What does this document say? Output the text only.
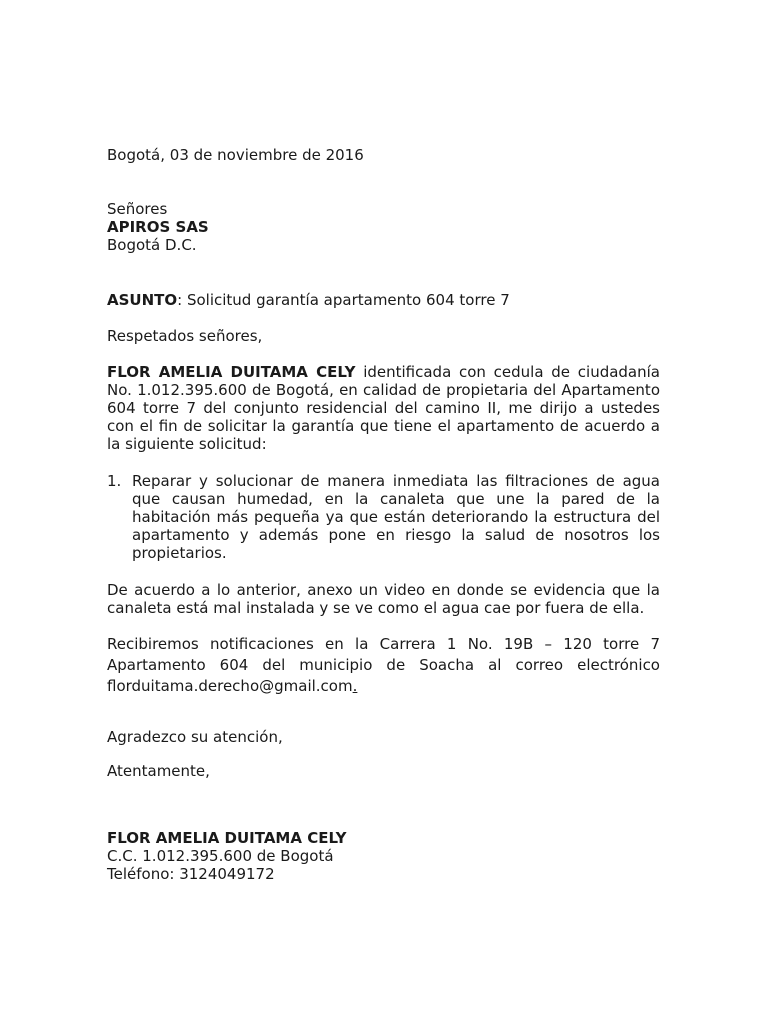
Bogotá, 03 de noviembre de 2016
Señores
APIROS SAS
Bogotá D.C.
ASUNTO: Solicitud garantía apartamento 604 torre 7
Respetados señores,
FLOR AMELIA DUITAMA CELY identificada con cedula de ciudadanía No. 1.012.395.600 de Bogotá, en calidad de propietaria del Apartamento 604 torre 7 del conjunto residencial del camino II, me dirijo a ustedes con el fin de solicitar la garantía que tiene el apartamento de acuerdo a la siguiente solicitud:
1. Reparar y solucionar de manera inmediata las filtraciones de agua que causan humedad, en la canaleta que une la pared de la habitación más pequeña ya que están deteriorando la estructura del apartamento y además pone en riesgo la salud de nosotros los propietarios.
De acuerdo a lo anterior, anexo un video en donde se evidencia que la canaleta está mal instalada y se ve como el agua cae por fuera de ella.
Recibiremos notificaciones en la Carrera 1 No. 19B – 120 torre 7
Apartamento 604 del municipio de Soacha al correo electrónico
florduitama.derecho@gmail.com.
Agradezco su atención,
Atentamente,
FLOR AMELIA DUITAMA CELY
C.C. 1.012.395.600 de Bogotá
Teléfono: 3124049172
